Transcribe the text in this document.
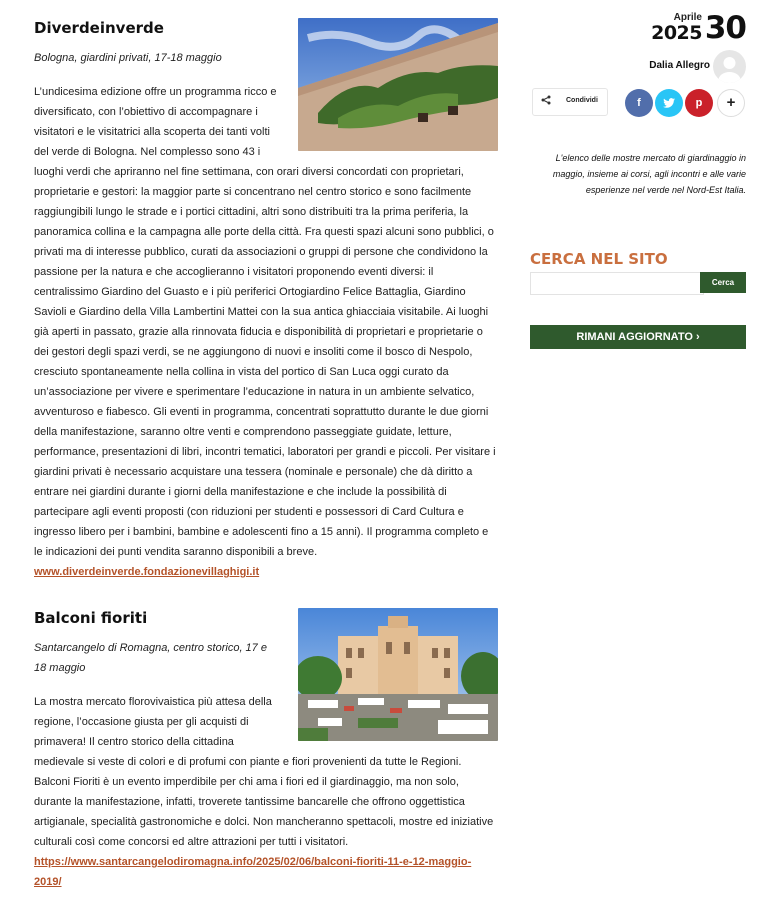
Diverdeinverde

Bologna, giardini privati, 17-18 maggio

L’undicesima edizione offre un programma ricco e diversificato, con l’obiettivo di accompagnare i visitatori e le visitatrici alla scoperta dei tanti volti del verde di Bologna. Nel complesso sono 43 i luoghi verdi che apriranno nel fine settimana, con orari diversi concordati con proprietari, proprietarie e gestori: la maggior parte si concentrano nel centro storico e sono facilmente raggiungibili lungo le strade e i portici cittadini, altri sono distribuiti tra la prima periferia, la panoramica collina e la campagna alle porte della città. Fra questi spazi alcuni sono pubblici, o privati ma di interesse pubblico, curati da associazioni o gruppi di persone che condividono la passione per la natura e che accoglieranno i visitatori proponendo eventi diversi: il centralissimo Giardino del Guasto e i più periferici Ortogiardino Felice Battaglia, Giardino Savioli e Giardino della Villa Lambertini Mattei con la sua antica ghiacciaia visitabile. Ai luoghi già aperti in passato, grazie alla rinnovata fiducia e disponibilità di proprietari e proprietarie o dei gestori degli spazi verdi, se ne aggiungono di nuovi e insoliti come il bosco di Nespolo, cresciuto spontaneamente nella collina in vista del portico di San Luca oggi curato da un’associazione per vivere e sperimentare l’educazione in natura in un ambiente selvatico, avventuroso e fiabesco. Gli eventi in programma, concentrati soprattutto durante le due giorni della manifestazione, saranno oltre venti e comprendono passeggiate guidate, letture, performance, presentazioni di libri, incontri tematici, laboratori per grandi e piccoli. Per visitare i giardini privati è necessario acquistare una tessera (nominale e personale) che dà diritto a entrare nei giardini durante i giorni della manifestazione e che include la possibilità di partecipare agli eventi proposti (con riduzioni per studenti e possessori di Card Cultura e ingresso libero per i bambini, bambine e adolescenti fino a 15 anni). Il programma completo e le indicazioni dei punti vendita saranno disponibili a breve.

www.diverdeinverde.fondazionevillaghigi.it
Balconi fioriti

Santarcangelo di Romagna, centro storico, 17 e 18 maggio

La mostra mercato florovivaistica più attesa della regione, l’occasione giusta per gli acquisti di primavera! Il centro storico della cittadina medievale si veste di colori e di profumi con piante e fiori provenienti da tutte le Regioni. Balconi Fioriti è un evento imperdibile per chi ama i fiori ed il giardinaggio, ma non solo, durante la manifestazione, infatti, troverete tantissime bancarelle che offrono oggettistica artigianale, specialità gastronomiche e dolci. Non mancheranno spettacoli, mostre ed iniziative culturali così come concorsi ed altre attrazioni per tutti i visitatori.

https://www.santarcangelodiromagna.info/2025/02/06/balconi-fioriti-11-e-12-maggio-2019/
Aprile
2025 30
Dalia Allegro
Condividi	f	p	+

L'elenco delle mostre mercato di giardinaggio in maggio, insieme ai corsi, agli incontri e alle varie esperienze nel verde nel Nord-Est Italia.

CERCA NEL SITO
Cerca
RIMANI AGGIORNATO ›
